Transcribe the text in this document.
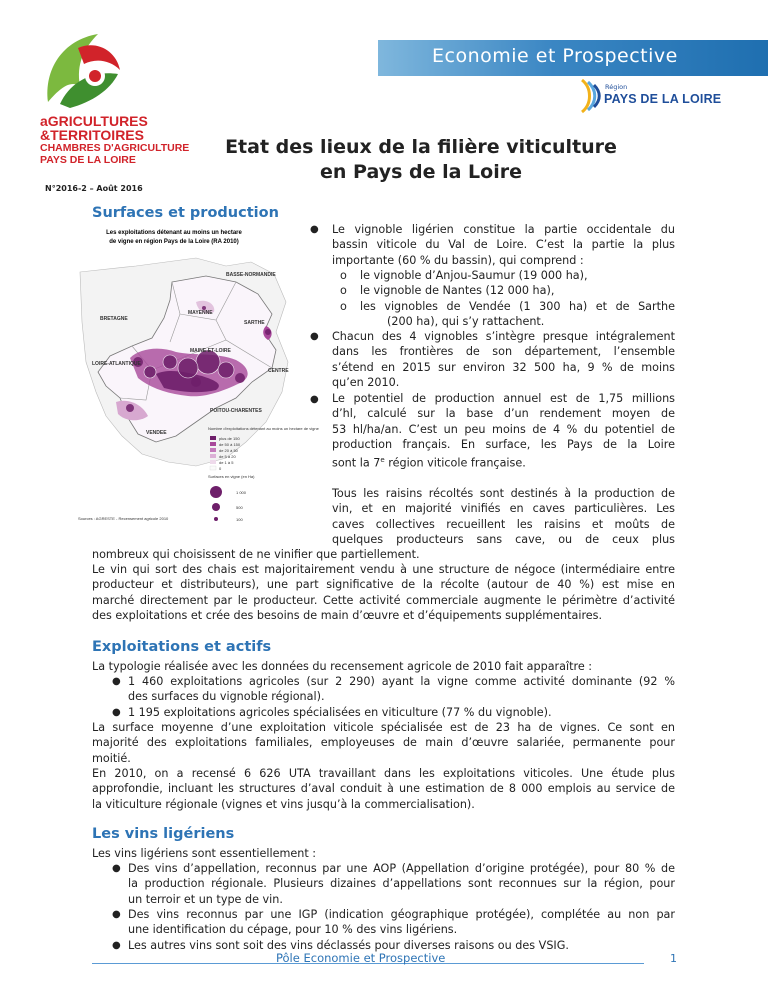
Economie et Prospective
aGRICULTURES
&TERRITOIRES
CHAMBRES D'AGRICULTURE
PAYS DE LA LOIRE
N°2016-2 – Août 2016
Région
PAYS DE LA LOIRE
Etat des lieux de la filière viticulture
en Pays de la Loire
Surfaces et production
Les exploitations détenant au moins un hectare
de vigne en région Pays de la Loire (RA 2010)
BASSE-NORMANDIE
BRETAGNE
MAYENNE
SARTHE
LOIRE-ATLANTIQUE
MAINE-ET-LOIRE
CENTRE
POITOU-CHARENTES
VENDEE
Nombre d'exploitations détenant au moins un hectare de vigne
plus de 150
de 50 à 150
de 20 à 50
de 5 à 20
de 1 à 5
0
Surfaces en vigne (en Ha)
1 000
500
100
Sources : AGRESTE - Recensement agricole 2010
● Le vignoble ligérien constitue la partie occidentale du
bassin viticole du Val de Loire. C’est la partie la plus
importante (60 % du bassin), qui comprend :
o
o
o
le vignoble d’Anjou-Saumur (19 000 ha),
le vignoble de Nantes (12 000 ha),
les vignobles de Vendée (1 300 ha) et de Sarthe
(200 ha), qui s’y rattachent.
● Chacun des 4 vignobles s’intègre presque intégralement
dans les frontières de son département, l’ensemble
s’étend en 2015 sur environ 32 500 ha, 9 % de moins
qu’en 2010.
● Le potentiel de production annuel est de 1,75 millions
d’hl, calculé sur la base d’un rendement moyen de
53 hl/ha/an. C’est un peu moins de 4 % du potentiel de
production français. En surface, les Pays de la Loire
sont la 7e région viticole française.
Tous les raisins récoltés sont destinés à la production de
vin, et en majorité vinifiés en caves particulières. Les
caves collectives recueillent les raisins et moûts de
quelques producteurs sans cave, ou de ceux plus
nombreux qui choisissent de ne vinifier que partiellement.
Le vin qui sort des chais est majoritairement vendu à une structure de négoce (intermédiaire entre
producteur et distributeurs), une part significative de la récolte (autour de 40 %) est mise en
marché directement par le producteur. Cette activité commerciale augmente le périmètre d’activité
des exploitations et crée des besoins de main d’œuvre et d’équipements supplémentaires.
Exploitations et actifs
La typologie réalisée avec les données du recensement agricole de 2010 fait apparaître :
● 1 460 exploitations agricoles (sur 2 290) ayant la vigne comme activité dominante (92 %
des surfaces du vignoble régional).
● 1 195 exploitations agricoles spécialisées en viticulture (77 % du vignoble).
La surface moyenne d’une exploitation viticole spécialisée est de 23 ha de vignes. Ce sont en
majorité des exploitations familiales, employeuses de main d’œuvre salariée, permanente pour
moitié.
En 2010, on a recensé 6 626 UTA travaillant dans les exploitations viticoles. Une étude plus
approfondie, incluant les structures d’aval conduit à une estimation de 8 000 emplois au service de
la viticulture régionale (vignes et vins jusqu’à la commercialisation).
Les vins ligériens
Les vins ligériens sont essentiellement :
● Des vins d’appellation, reconnus par une AOP (Appellation d’origine protégée), pour 80 % de
la production régionale. Plusieurs dizaines d’appellations sont reconnues sur la région, pour
un terroir et un type de vin.
● Des vins reconnus par une IGP (indication géographique protégée), complétée au non par
une identification du cépage, pour 10 % des vins ligériens.
● Les autres vins sont soit des vins déclassés pour diverses raisons ou des VSIG.
Pôle Economie et Prospective	1
